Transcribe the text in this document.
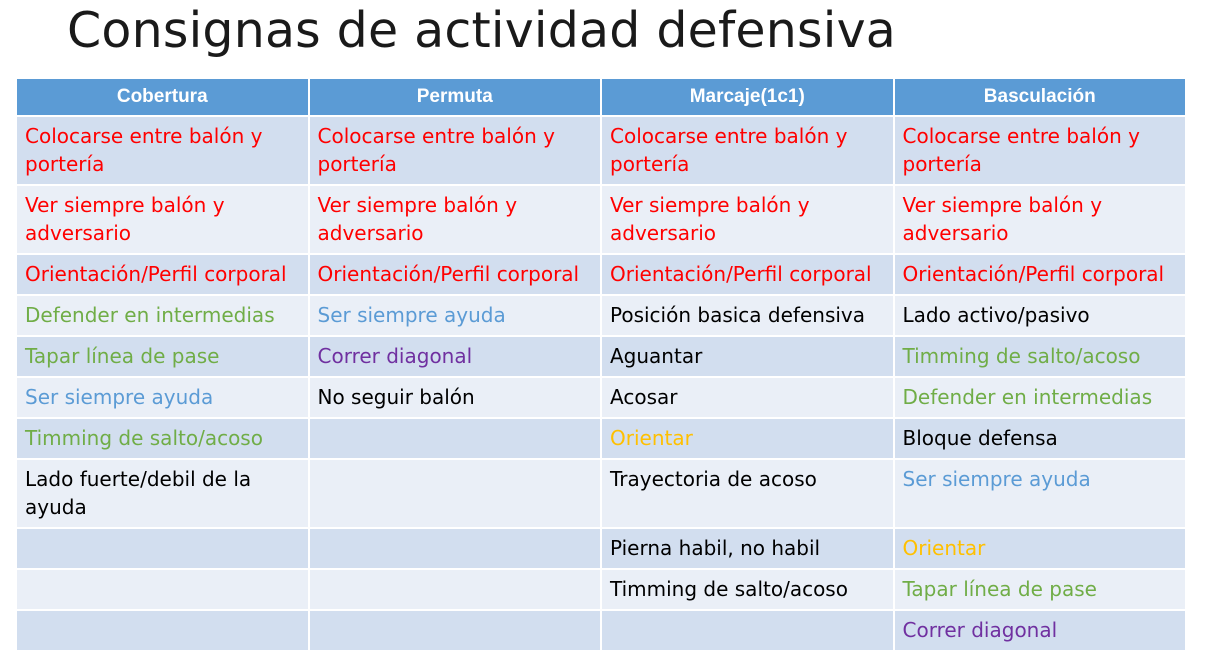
Consignas de actividad defensiva
Cobertura	Permuta	Marcaje(1c1)	Basculación
Colocarse entre balón y portería	Colocarse entre balón y portería	Colocarse entre balón y portería	Colocarse entre balón y portería
Ver siempre balón y adversario	Ver siempre balón y adversario	Ver siempre balón y adversario	Ver siempre balón y adversario
Orientación/Perfil corporal	Orientación/Perfil corporal	Orientación/Perfil corporal	Orientación/Perfil corporal
Defender en intermedias	Ser siempre ayuda	Posición basica defensiva	Lado activo/pasivo
Tapar línea de pase	Correr diagonal	Aguantar	Timming de salto/acoso
Ser siempre ayuda	No seguir balón	Acosar	Defender en intermedias
Timming de salto/acoso		Orientar	Bloque defensa
Lado fuerte/debil de la ayuda		Trayectoria de acoso	Ser siempre ayuda
		Pierna habil, no habil	Orientar
		Timming de salto/acoso	Tapar línea de pase
			Correr diagonal
